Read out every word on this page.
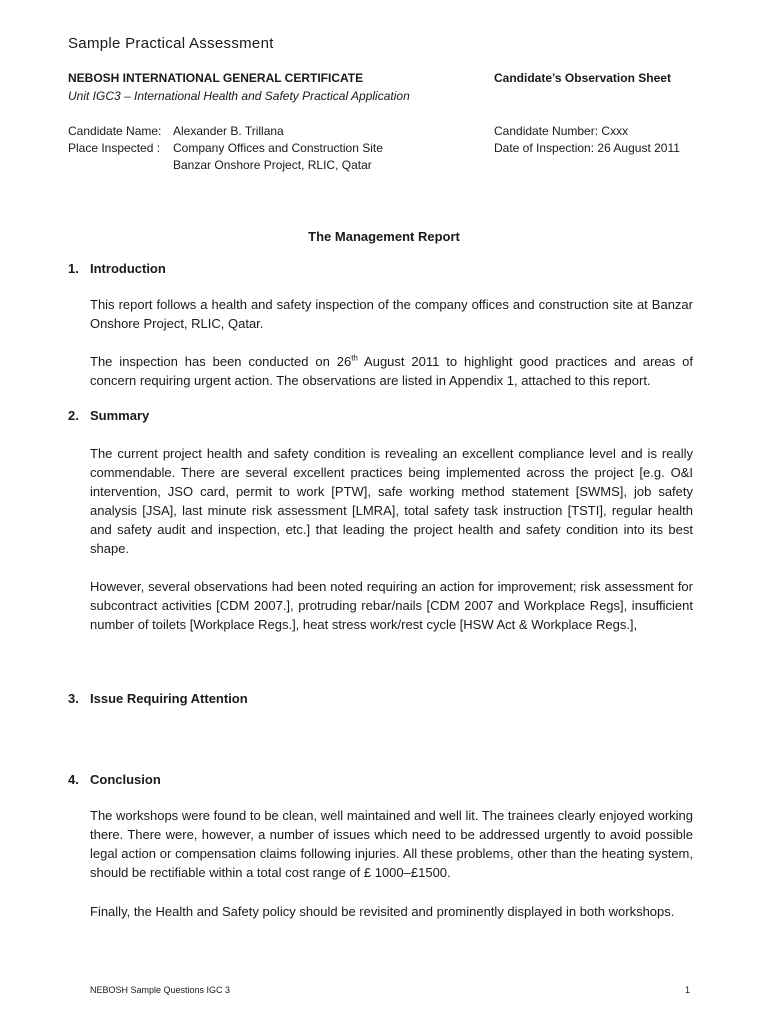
Sample Practical Assessment
NEBOSH INTERNATIONAL GENERAL CERTIFICATE	Candidate’s Observation Sheet
Unit IGC3 – International Health and Safety Practical Application
Candidate Name: Alexander B. Trillana	Candidate Number: Cxxx
Place Inspected : Company Offices and Construction Site	Date of Inspection: 26 August 2011
Banzar Onshore Project, RLIC, Qatar
The Management Report
1. Introduction
This report follows a health and safety inspection of the company offices and construction site at Banzar Onshore Project, RLIC, Qatar.
The inspection has been conducted on 26th August 2011 to highlight good practices and areas of concern requiring urgent action. The observations are listed in Appendix 1, attached to this report.
2. Summary
The current project health and safety condition is revealing an excellent compliance level and is really commendable. There are several excellent practices being implemented across the project [e.g. O&I intervention, JSO card, permit to work [PTW], safe working method statement [SWMS], job safety analysis [JSA], last minute risk assessment [LMRA], total safety task instruction [TSTI], regular health and safety audit and inspection, etc.] that leading the project health and safety condition into its best shape.
However, several observations had been noted requiring an action for improvement; risk assessment for subcontract activities [CDM 2007.], protruding rebar/nails [CDM 2007 and Workplace Regs], insufficient number of toilets [Workplace Regs.], heat stress work/rest cycle [HSW Act & Workplace Regs.],
3. Issue Requiring Attention
4. Conclusion
The workshops were found to be clean, well maintained and well lit. The trainees clearly enjoyed working there. There were, however, a number of issues which need to be addressed urgently to avoid possible legal action or compensation claims following injuries. All these problems, other than the heating system, should be rectifiable within a total cost range of £ 1000–£1500.
Finally, the Health and Safety policy should be revisited and prominently displayed in both workshops.
NEBOSH Sample Questions IGC 3	1
